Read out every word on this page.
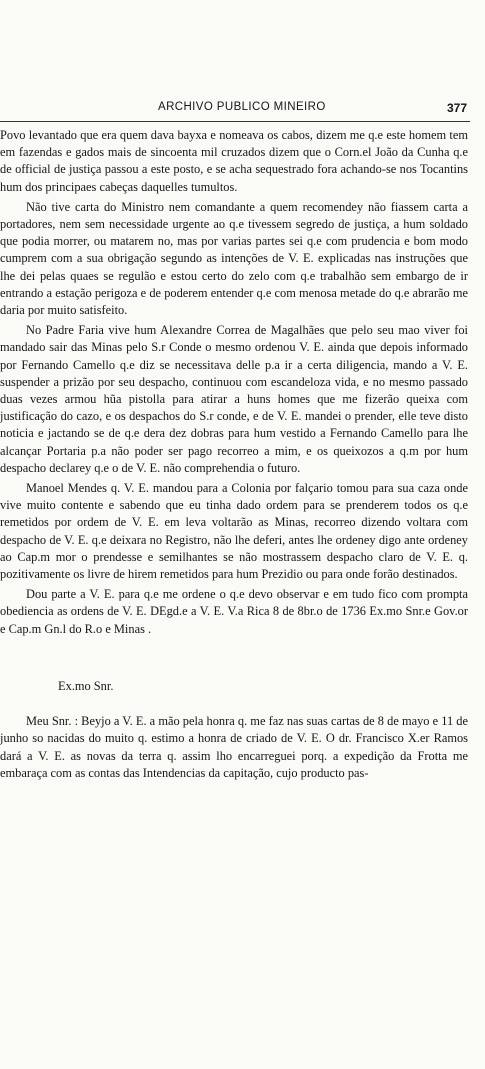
ARCHIVO PUBLICO MINEIRO	377

Povo levantado que era quem dava bayxa e nomeava os cabos, dizem me q.e este homem tem em fazendas e gados mais de sincoenta mil cruzados dizem que o Corn.el João da Cunha q.e de official de justiça passou a este posto, e se acha sequestrado fora achando-se nos Tocantins hum dos principaes cabeças daquelles tumultos.

Não tive carta do Ministro nem comandante a quem recomendey não fiassem carta a portadores, nem sem necessidade urgente ao q.e tivessem segredo de justiça, a hum soldado que podia morrer, ou matarem no, mas por varias partes sei q.e com prudencia e bom modo cumprem com a sua obrigação segundo as intenções de V. E. explicadas nas instruções que lhe dei pelas quaes se regulão e estou certo do zelo com q.e trabalhão sem embargo de ir entrando a estação perigoza e de poderem entender q.e com menosa metade do q.e abrarão me daria por muito satisfeito.

No Padre Faria vive hum Alexandre Correa de Magalhães que pelo seu mao viver foi mandado sair das Minas pelo S.r Conde o mesmo ordenou V. E. ainda que depois informado por Fernando Camello q.e diz se necessitava delle p.a ir a certa diligencia, mando a V. E. suspender a prizão por seu despacho, continuou com escandeloza vida, e no mesmo passado duas vezes armou hũa pistolla para atirar a huns homes que me fizerão queixa com justificação do cazo, e os despachos do S.r conde, e de V. E. mandei o prender, elle teve disto noticia e jactando se de q.e dera dez dobras para hum vestido a Fernando Camello para lhe alcançar Portaria p.a não poder ser pago recorreo a mim, e os queixozos a q.m por hum despacho declarey q.e o de V. E. não comprehendia o futuro.

Manoel Mendes q. V. E. mandou para a Colonia por falçario tomou para sua caza onde vive muito contente e sabendo que eu tinha dado ordem para se prenderem todos os q.e remetidos por ordem de V. E. em leva voltarão as Minas, recorreo dizendo voltara com despacho de V. E. q.e deixara no Registro, não lhe deferi, antes lhe ordeney digo ante ordeney ao Cap.m mor o prendesse e semilhantes se não mostrassem despacho claro de V. E. q. pozitivamente os livre de hirem remetidos para hum Prezidio ou para onde forão destinados.

Dou parte a V. E. para q.e me ordene o q.e devo observar e em tudo fico com prompta obediencia as ordens de V. E. DEgd.e a V. E. V.a Rica 8 de 8br.o de 1736 Ex.mo Snr.e Gov.or e Cap.m Gn.l do R.o e Minas .

Ex.mo Snr.

Meu Snr. : Beyjo a V. E. a mão pela honra q. me faz nas suas cartas de 8 de mayo e 11 de junho so nacidas do muito q. estimo a honra de criado de V. E. O dr. Francisco X.er Ramos dará a V. E. as novas da terra q. assim lho encarreguei porq. a expedição da Frotta me embaraça com as contas das Intendencias da capitação, cujo producto pas-
